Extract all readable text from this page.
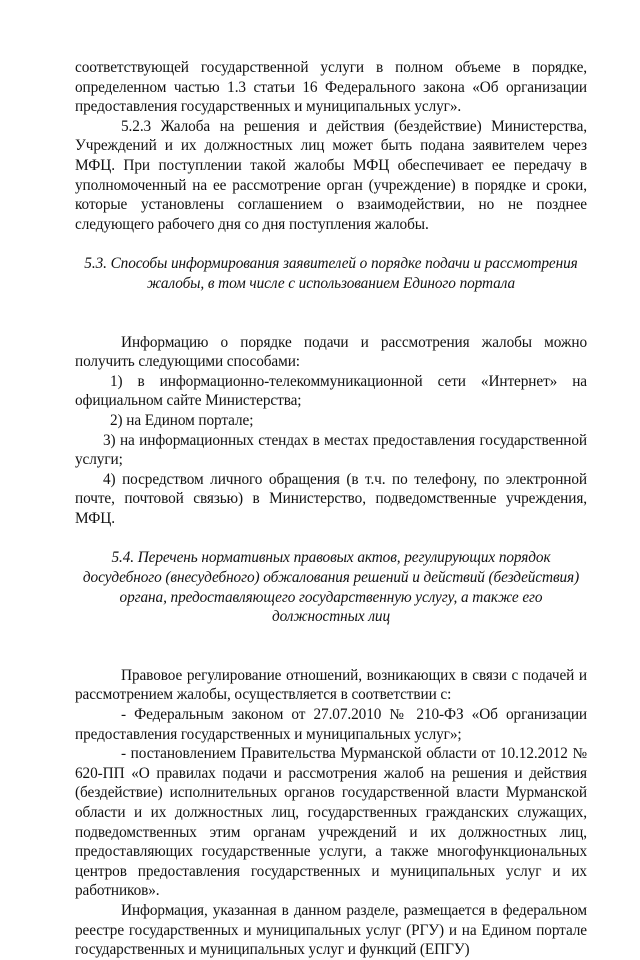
соответствующей государственной услуги в полном объеме в порядке, определенном частью 1.3 статьи 16 Федерального закона «Об организации предоставления государственных и муниципальных услуг».

5.2.3 Жалоба на решения и действия (бездействие) Министерства, Учреждений и их должностных лиц может быть подана заявителем через МФЦ. При поступлении такой жалобы МФЦ обеспечивает ее передачу в уполномоченный на ее рассмотрение орган (учреждение) в порядке и сроки, которые установлены соглашением о взаимодействии, но не позднее следующего рабочего дня со дня поступления жалобы.

5.3. Способы информирования заявителей о порядке подачи и рассмотрения жалобы, в том числе с использованием Единого портала

Информацию о порядке подачи и рассмотрения жалобы можно получить следующими способами:

1) в информационно-телекоммуникационной сети «Интернет» на официальном сайте Министерства;

2) на Едином портале;

3) на информационных стендах в местах предоставления государственной услуги;

4) посредством личного обращения (в т.ч. по телефону, по электронной почте, почтовой связью) в Министерство, подведомственные учреждения, МФЦ.

5.4. Перечень нормативных правовых актов, регулирующих порядок досудебного (внесудебного) обжалования решений и действий (бездействия) органа, предоставляющего государственную услугу, а также его должностных лиц

Правовое регулирование отношений, возникающих в связи с подачей и рассмотрением жалобы, осуществляется в соответствии с:

- Федеральным законом от 27.07.2010 № 210-ФЗ «Об организации предоставления государственных и муниципальных услуг»;

- постановлением Правительства Мурманской области от 10.12.2012 № 620-ПП «О правилах подачи и рассмотрения жалоб на решения и действия (бездействие) исполнительных органов государственной власти Мурманской области и их должностных лиц, государственных гражданских служащих, подведомственных этим органам учреждений и их должностных лиц, предоставляющих государственные услуги, а также многофункциональных центров предоставления государственных и муниципальных услуг и их работников».

Информация, указанная в данном разделе, размещается в федеральном реестре государственных и муниципальных услуг (РГУ) и на Едином портале государственных и муниципальных услуг и функций (ЕПГУ)
